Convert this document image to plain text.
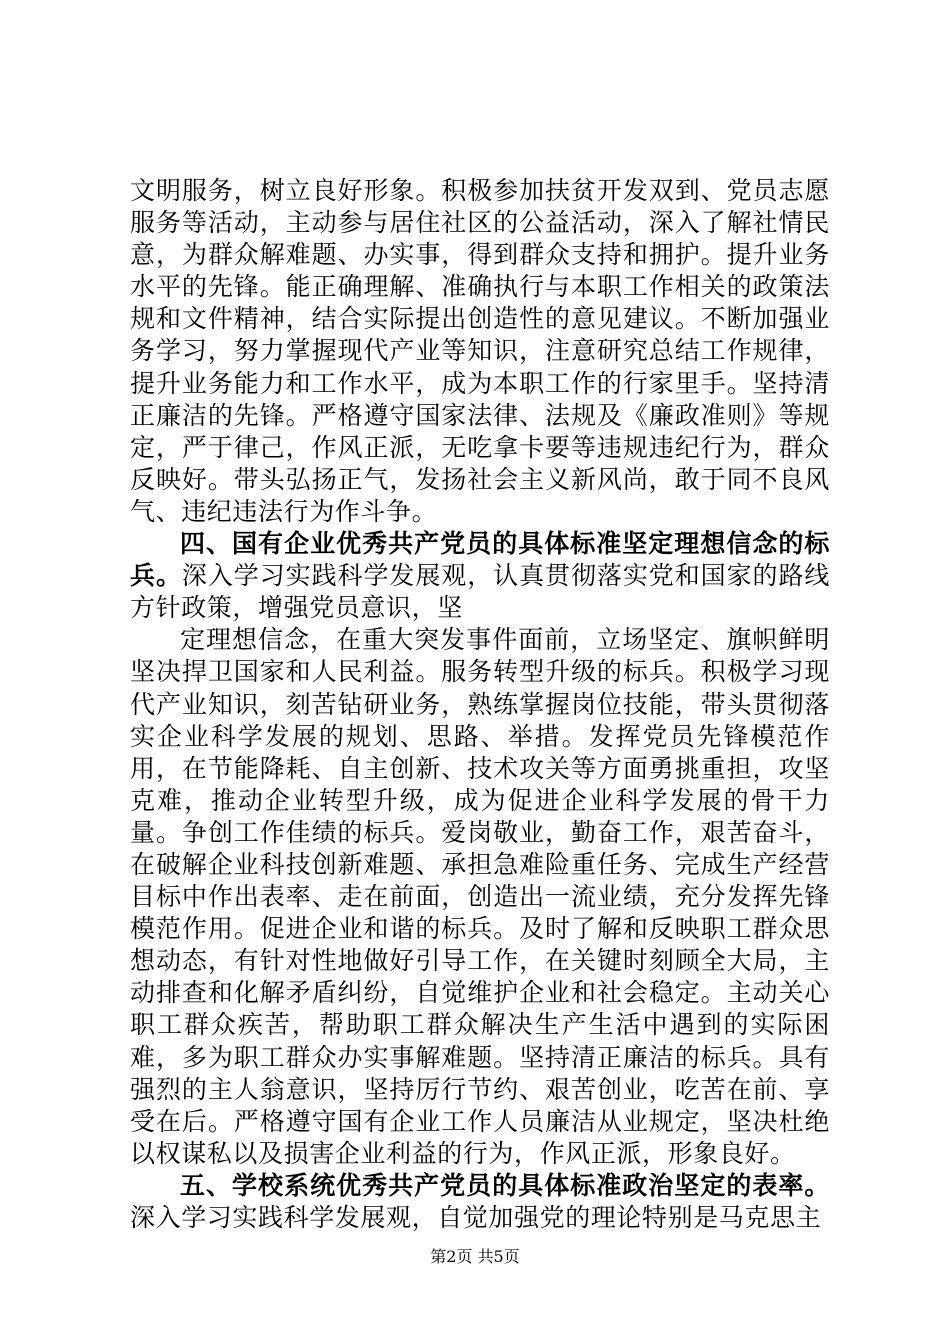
文明服务，树立良好形象。积极参加扶贫开发双到、党员志愿服务等活动，主动参与居住社区的公益活动，深入了解社情民意，为群众解难题、办实事，得到群众支持和拥护。提升业务水平的先锋。能正确理解、准确执行与本职工作相关的政策法规和文件精神，结合实际提出创造性的意见建议。不断加强业务学习，努力掌握现代产业等知识，注意研究总结工作规律，提升业务能力和工作水平，成为本职工作的行家里手。坚持清正廉洁的先锋。严格遵守国家法律、法规及《廉政准则》等规定，严于律己，作风正派，无吃拿卡要等违规违纪行为，群众反映好。带头弘扬正气，发扬社会主义新风尚，敢于同不良风气、违纪违法行为作斗争。

四、国有企业优秀共产党员的具体标准坚定理想信念的标兵。深入学习实践科学发展观，认真贯彻落实党和国家的路线方针政策，增强党员意识，坚

定理想信念，在重大突发事件面前，立场坚定、旗帜鲜明坚决捍卫国家和人民利益。服务转型升级的标兵。积极学习现代产业知识，刻苦钻研业务，熟练掌握岗位技能，带头贯彻落实企业科学发展的规划、思路、举措。发挥党员先锋模范作用，在节能降耗、自主创新、技术攻关等方面勇挑重担，攻坚克难，推动企业转型升级，成为促进企业科学发展的骨干力量。争创工作佳绩的标兵。爱岗敬业，勤奋工作，艰苦奋斗，在破解企业科技创新难题、承担急难险重任务、完成生产经营目标中作出表率、走在前面，创造出一流业绩，充分发挥先锋模范作用。促进企业和谐的标兵。及时了解和反映职工群众思想动态，有针对性地做好引导工作，在关键时刻顾全大局，主动排查和化解矛盾纠纷，自觉维护企业和社会稳定。主动关心职工群众疾苦，帮助职工群众解决生产生活中遇到的实际困难，多为职工群众办实事解难题。坚持清正廉洁的标兵。具有强烈的主人翁意识，坚持厉行节约、艰苦创业，吃苦在前、享受在后。严格遵守国有企业工作人员廉洁从业规定，坚决杜绝以权谋私以及损害企业利益的行为，作风正派，形象良好。

五、学校系统优秀共产党员的具体标准政治坚定的表率。深入学习实践科学发展观，自觉加强党的理论特别是马克思主

第2页 共5页
